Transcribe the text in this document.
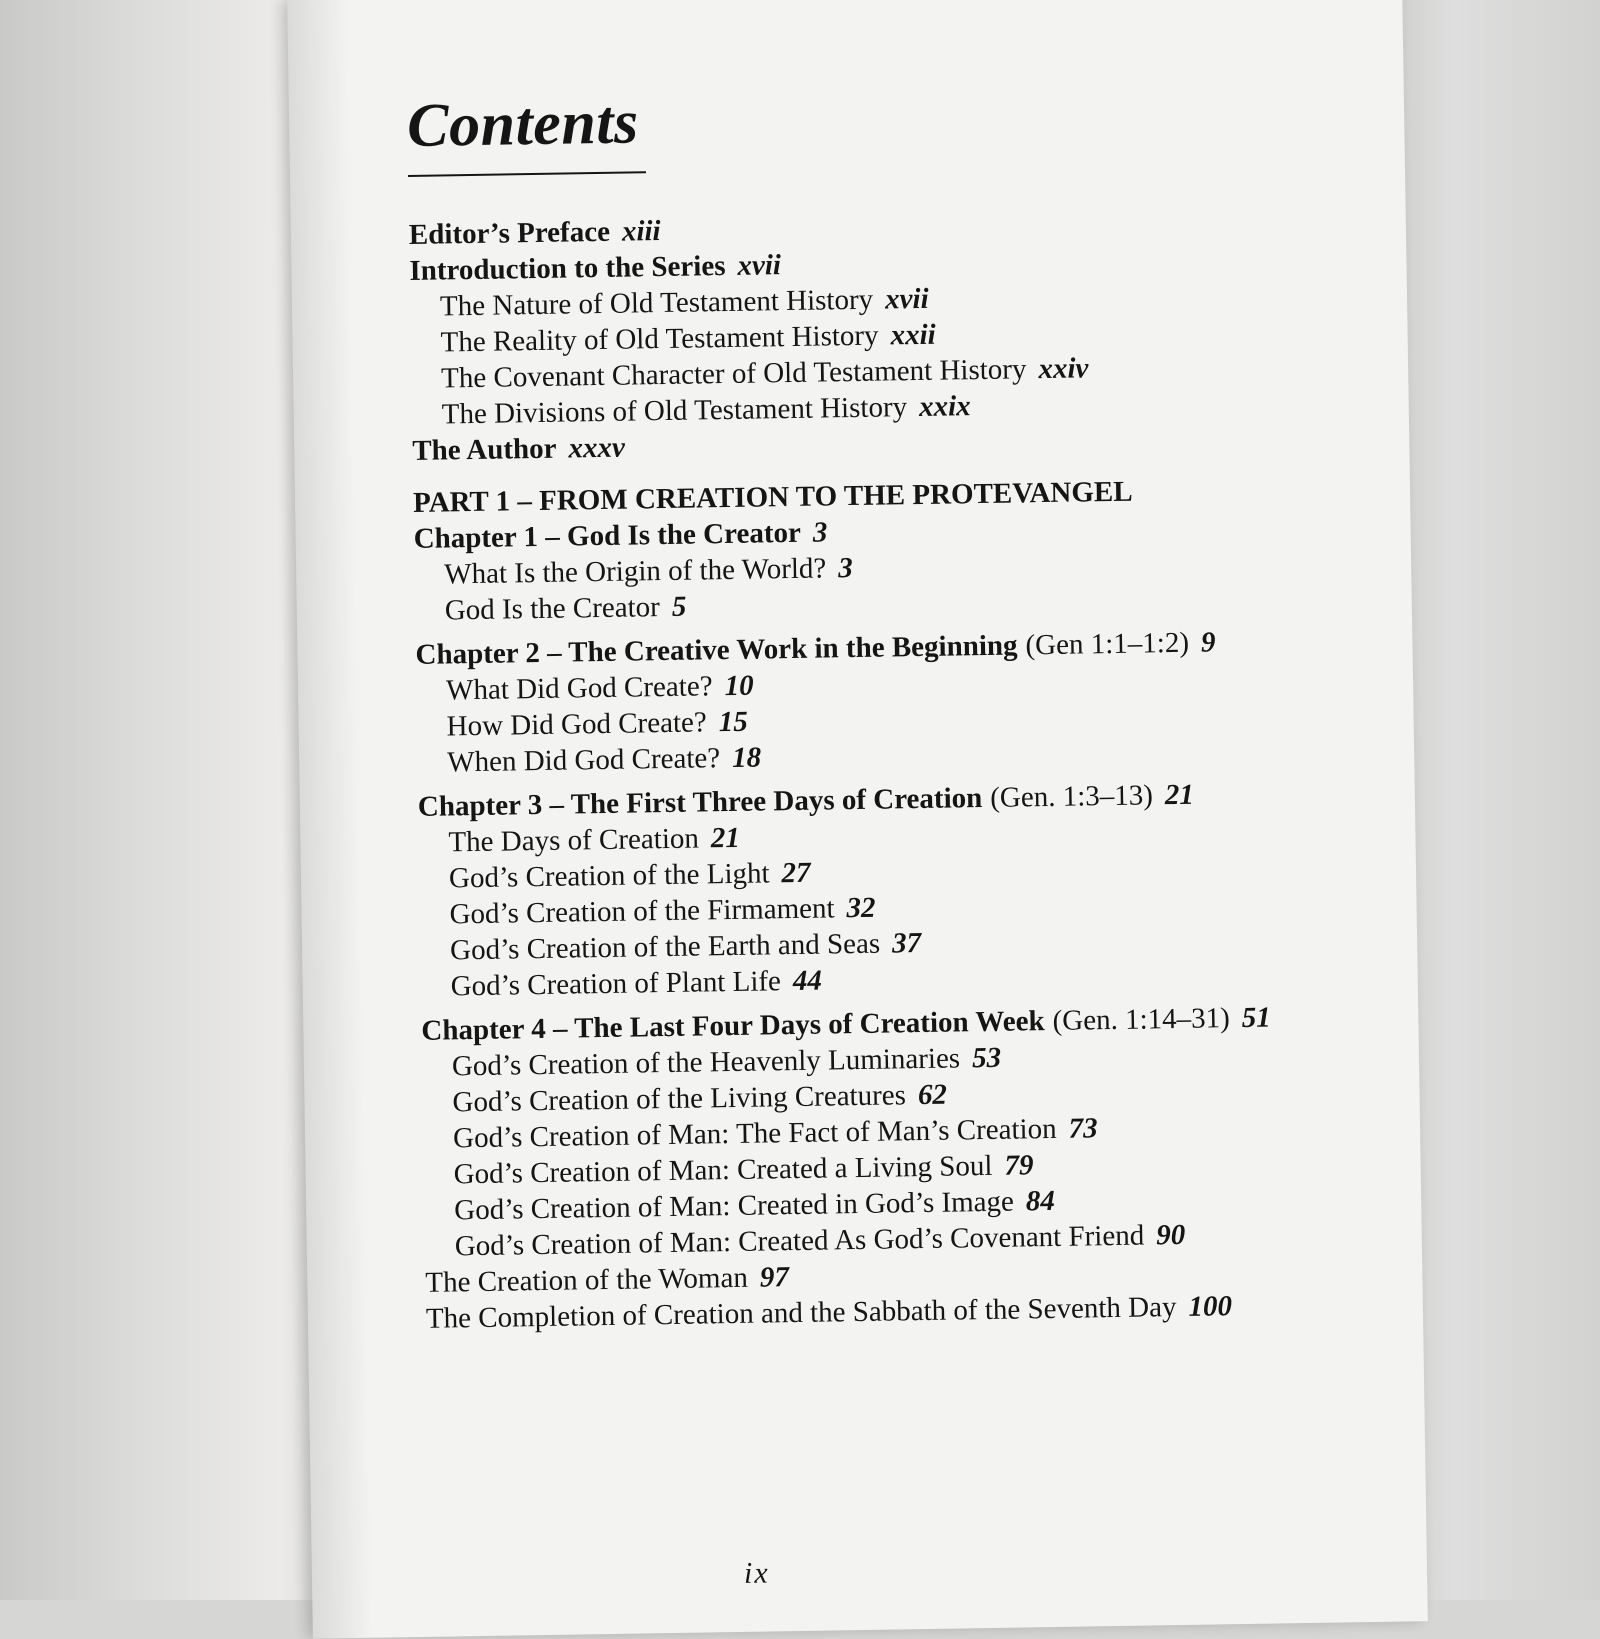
Contents
Editor’s Preface xiii
Introduction to the Series xvii
The Nature of Old Testament History xvii
The Reality of Old Testament History xxii
The Covenant Character of Old Testament History xxiv
The Divisions of Old Testament History xxix
The Author xxxv
PART 1 – FROM CREATION TO THE PROTEVANGEL
Chapter 1 – God Is the Creator 3
What Is the Origin of the World? 3
God Is the Creator 5
Chapter 2 – The Creative Work in the Beginning (Gen 1:1–1:2) 9
What Did God Create? 10
How Did God Create? 15
When Did God Create? 18
Chapter 3 – The First Three Days of Creation (Gen. 1:3–13) 21
The Days of Creation 21
God’s Creation of the Light 27
God’s Creation of the Firmament 32
God’s Creation of the Earth and Seas 37
God’s Creation of Plant Life 44
Chapter 4 – The Last Four Days of Creation Week (Gen. 1:14–31) 51
God’s Creation of the Heavenly Luminaries 53
God’s Creation of the Living Creatures 62
God’s Creation of Man: The Fact of Man’s Creation 73
God’s Creation of Man: Created a Living Soul 79
God’s Creation of Man: Created in God’s Image 84
God’s Creation of Man: Created As God’s Covenant Friend 90
The Creation of the Woman 97
The Completion of Creation and the Sabbath of the Seventh Day 100
ix
